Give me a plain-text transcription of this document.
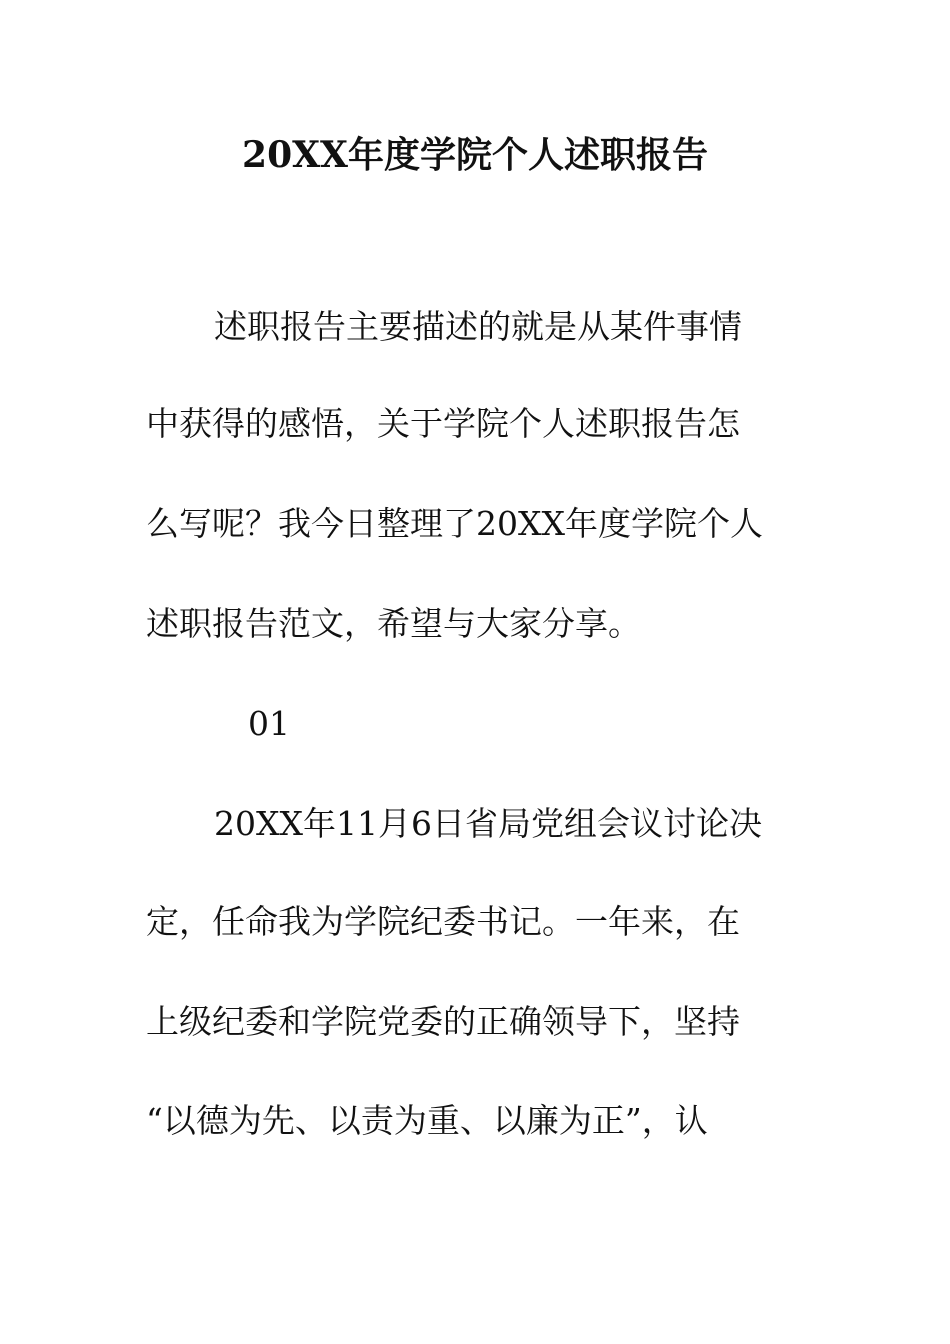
20XX年度学院个人述职报告
述职报告主要描述的就是从某件事情
中获得的感悟，关于学院个人述职报告怎
么写呢？我今日整理了20XX年度学院个人
述职报告范文，希望与大家分享。
01
20XX年11月6日省局党组会议讨论决
定，任命我为学院纪委书记。一年来，在
上级纪委和学院党委的正确领导下，坚持
“以德为先、以责为重、以廉为正”，认
